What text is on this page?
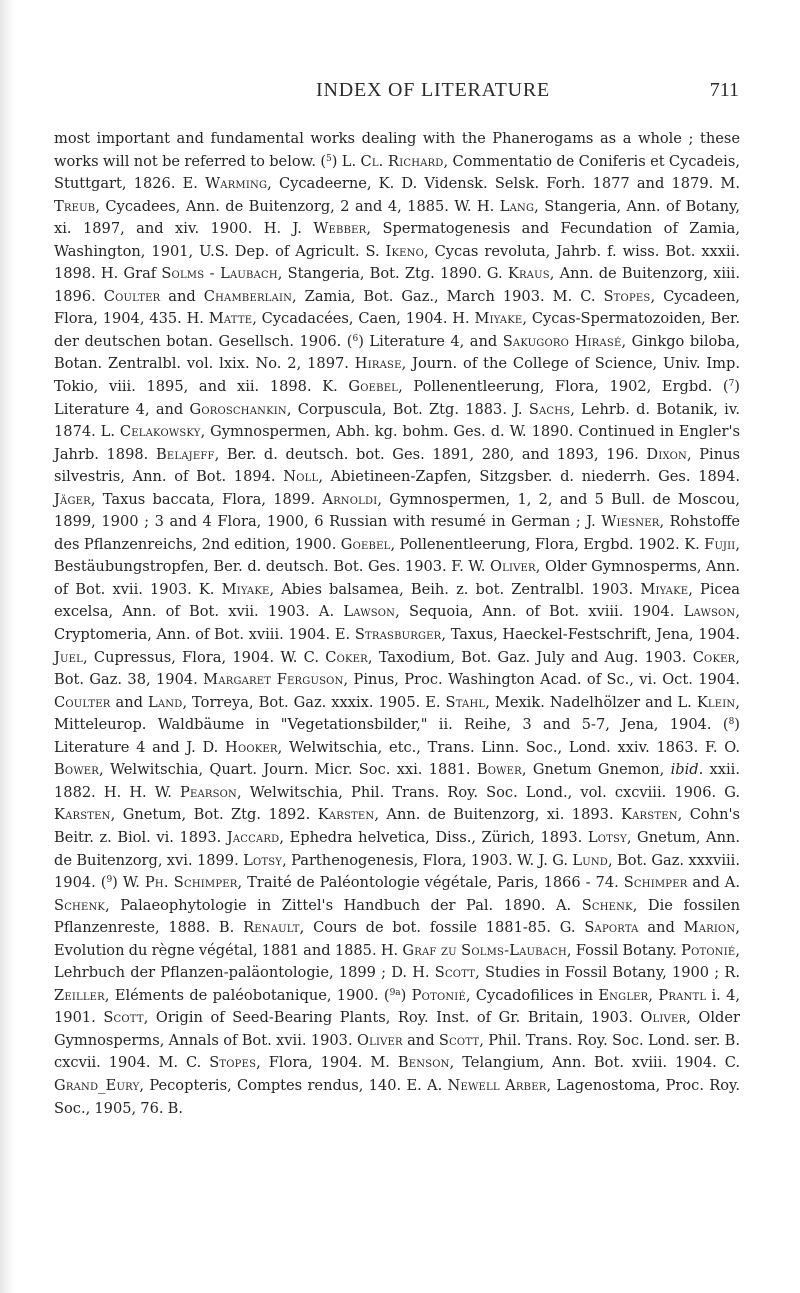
INDEX OF LITERATURE	711

most important and fundamental works dealing with the Phanerogams as a whole ; these works will not be referred to below. ($^5$) L. Cl. Richard, Commentatio de Coniferis et Cycadeis, Stuttgart, 1826. E. Warming, Cycadeerne, K. D. Vidensk. Selsk. Forh. 1877 and 1879. M. Treub, Cycadees, Ann. de Buitenzorg, 2 and 4, 1885. W. H. Lang, Stangeria, Ann. of Botany, xi. 1897, and xiv. 1900. H. J. Webber, Spermatogenesis and Fecundation of Zamia, Washington, 1901, U.S. Dep. of Agricult. S. Ikeno, Cycas revoluta, Jahrb. f. wiss. Bot. xxxii. 1898. H. Graf Solms - Laubach, Stangeria, Bot. Ztg. 1890. G. Kraus, Ann. de Buitenzorg, xiii. 1896. Coulter and Chamberlain, Zamia, Bot. Gaz., March 1903. M. C. Stopes, Cycadeen, Flora, 1904, 435. H. Matte, Cycadacées, Caen, 1904. H. Miyake, Cycas-Spermatozoiden, Ber. der deutschen botan. Gesellsch. 1906. ($^6$) Literature 4, and Sakugoro Hirasé, Ginkgo biloba, Botan. Zentralbl. vol. lxix. No. 2, 1897. Hirase, Journ. of the College of Science, Univ. Imp. Tokio, viii. 1895, and xii. 1898. K. Goebel, Pollenentleerung, Flora, 1902, Ergbd. ($^7$) Literature 4, and Goroschankin, Corpuscula, Bot. Ztg. 1883. J. Sachs, Lehrb. d. Botanik, iv. 1874. L. Celakowsky, Gymnospermen, Abh. kg. bohm. Ges. d. W. 1890. Continued in Engler's Jahrb. 1898. Belajeff, Ber. d. deutsch. bot. Ges. 1891, 280, and 1893, 196. Dixon, Pinus silvestris, Ann. of Bot. 1894. Noll, Abietineen-Zapfen, Sitzgsber. d. niederrh. Ges. 1894. Jäger, Taxus baccata, Flora, 1899. Arnoldi, Gymnospermen, 1, 2, and 5 Bull. de Moscou, 1899, 1900 ; 3 and 4 Flora, 1900, 6 Russian with resumé in German ; J. Wiesner, Rohstoffe des Pflanzenreichs, 2nd edition, 1900. Goebel, Pollenentleerung, Flora, Ergbd. 1902. K. Fujii, Bestäubungstropfen, Ber. d. deutsch. Bot. Ges. 1903. F. W. Oliver, Older Gymnosperms, Ann. of Bot. xvii. 1903. K. Miyake, Abies balsamea, Beih. z. bot. Zentralbl. 1903. Miyake, Picea excelsa, Ann. of Bot. xvii. 1903. A. Lawson, Sequoia, Ann. of Bot. xviii. 1904. Lawson, Cryptomeria, Ann. of Bot. xviii. 1904. E. Strasburger, Taxus, Haeckel-Festschrift, Jena, 1904. Juel, Cupressus, Flora, 1904. W. C. Coker, Taxodium, Bot. Gaz. July and Aug. 1903. Coker, Bot. Gaz. 38, 1904. Margaret Ferguson, Pinus, Proc. Washington Acad. of Sc., vi. Oct. 1904. Coulter and Land, Torreya, Bot. Gaz. xxxix. 1905. E. Stahl, Mexik. Nadelhölzer and L. Klein, Mitteleurop. Waldbäume in "Vegetationsbilder," ii. Reihe, 3 and 5-7, Jena, 1904. ($^8$) Literature 4 and J. D. Hooker, Welwitschia, etc., Trans. Linn. Soc., Lond. xxiv. 1863. F. O. Bower, Welwitschia, Quart. Journ. Micr. Soc. xxi. 1881. Bower, Gnetum Gnemon, ibid. xxii. 1882. H. H. W. Pearson, Welwitschia, Phil. Trans. Roy. Soc. Lond., vol. cxcviii. 1906. G. Karsten, Gnetum, Bot. Ztg. 1892. Karsten, Ann. de Buitenzorg, xi. 1893. Karsten, Cohn's Beitr. z. Biol. vi. 1893. Jaccard, Ephedra helvetica, Diss., Zürich, 1893. Lotsy, Gnetum, Ann. de Buitenzorg, xvi. 1899. Lotsy, Parthenogenesis, Flora, 1903. W. J. G. Lund, Bot. Gaz. xxxviii. 1904. ($^9$) W. Ph. Schimper, Traité de Paléontologie végétale, Paris, 1866 - 74. Schimper and A. Schenk, Palaeophytologie in Zittel's Handbuch der Pal. 1890. A. Schenk, Die fossilen Pflanzenreste, 1888. B. Renault, Cours de bot. fossile 1881-85. G. Saporta and Marion, Evolution du règne végétal, 1881 and 1885. H. Graf zu Solms-Laubach, Fossil Botany. Potonié, Lehrbuch der Pflanzen-paläontologie, 1899 ; D. H. Scott, Studies in Fossil Botany, 1900 ; R. Zeiller, Eléments de paléobotanique, 1900. ($^{9a}$) Potonié, Cycadofilices in Engler, Prantl i. 4, 1901. Scott, Origin of Seed-Bearing Plants, Roy. Inst. of Gr. Britain, 1903. Oliver, Older Gymnosperms, Annals of Bot. xvii. 1903. Oliver and Scott, Phil. Trans. Roy. Soc. Lond. ser. B. cxcvii. 1904. M. C. Stopes, Flora, 1904. M. Benson, Telangium, Ann. Bot. xviii. 1904. C. Grand_Eury, Pecopteris, Comptes rendus, 140. E. A. Newell Arber, Lagenostoma, Proc. Roy. Soc., 1905, 76. B.
